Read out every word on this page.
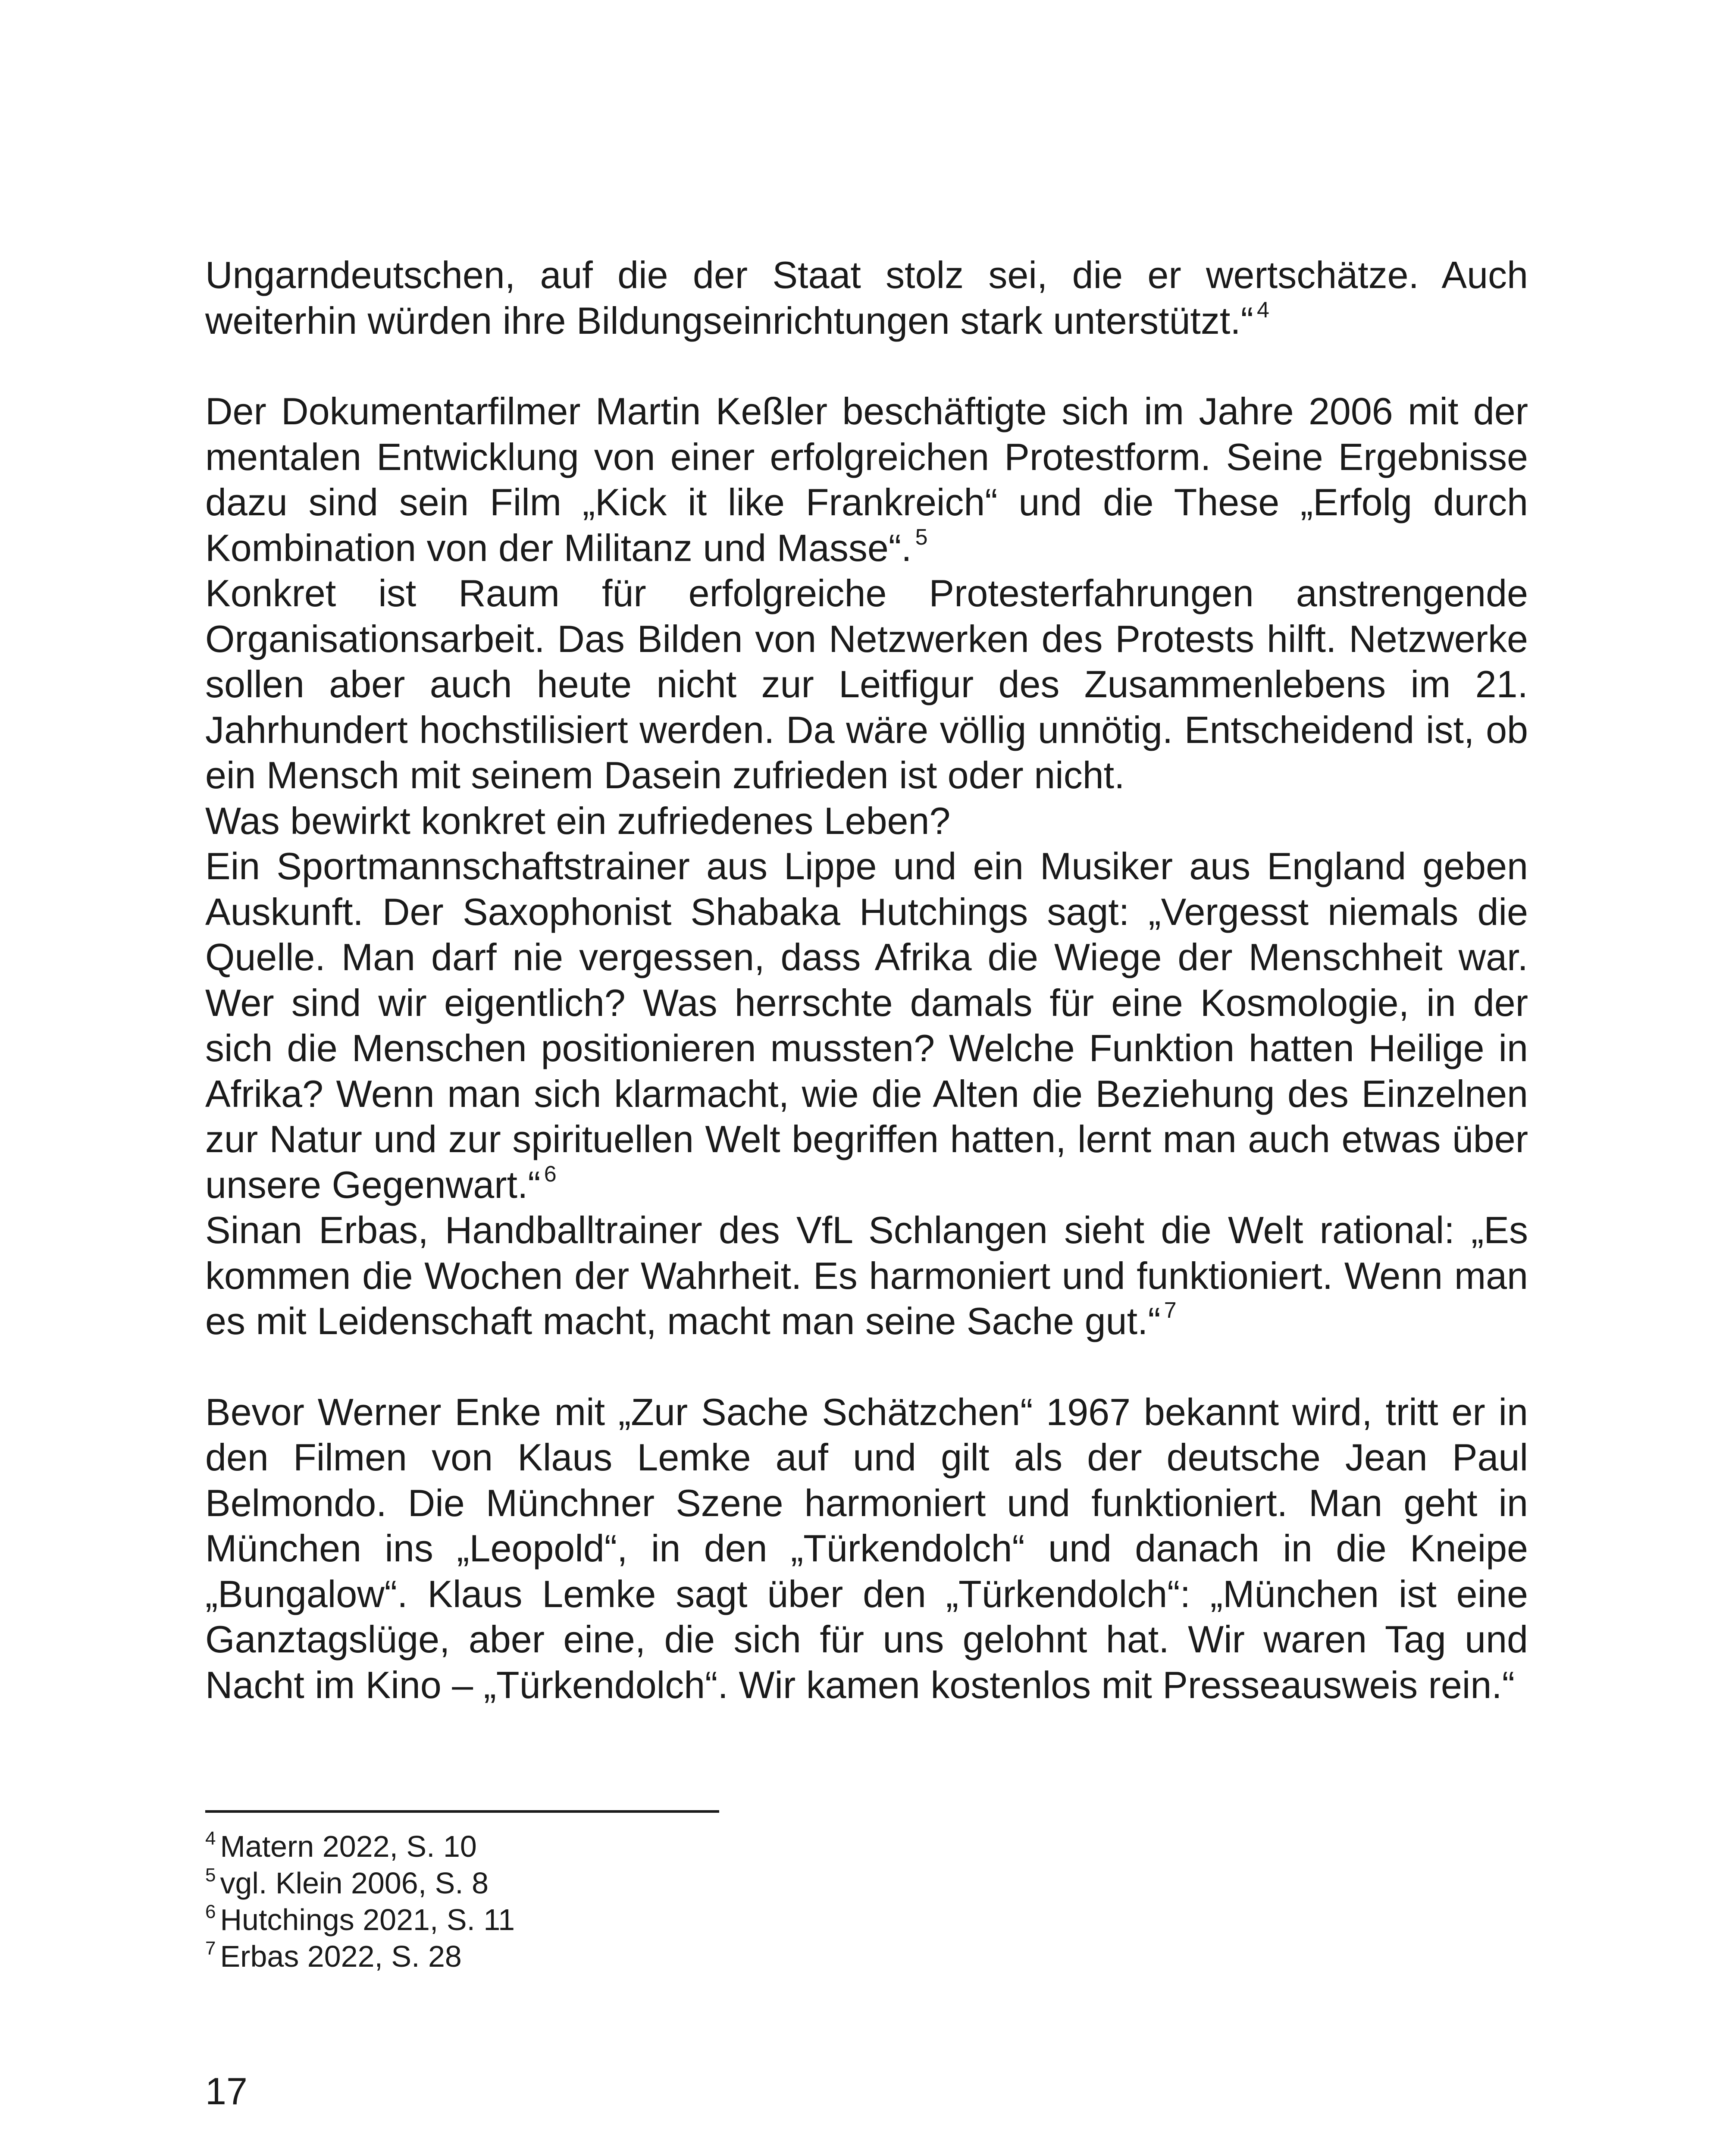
Ungarndeutschen, auf die der Staat stolz sei, die er wertschätze. Auch weiterhin würden ihre Bildungseinrichtungen stark unterstützt.“ $^4$

Der Dokumentarfilmer Martin Keßler beschäftigte sich im Jahre 2006 mit der mentalen Entwicklung von einer erfolgreichen Protestform. Seine Ergebnisse dazu sind sein Film „Kick it like Frankreich“ und die These „Erfolg durch Kombination von der Militanz und Masse“. $^5$

Konkret ist Raum für erfolgreiche Protesterfahrungen anstrengende Organisationsarbeit. Das Bilden von Netzwerken des Protests hilft. Netzwerke sollen aber auch heute nicht zur Leitfigur des Zusammenlebens im 21. Jahrhundert hochstilisiert werden. Da wäre völlig unnötig. Entscheidend ist, ob ein Mensch mit seinem Dasein zufrieden ist oder nicht.

Was bewirkt konkret ein zufriedenes Leben?

Ein Sportmannschaftstrainer aus Lippe und ein Musiker aus England geben Auskunft. Der Saxophonist Shabaka Hutchings sagt: „Vergesst niemals die Quelle. Man darf nie vergessen, dass Afrika die Wiege der Menschheit war. Wer sind wir eigentlich? Was herrschte damals für eine Kosmologie, in der sich die Menschen positionieren mussten? Welche Funktion hatten Heilige in Afrika? Wenn man sich klarmacht, wie die Alten die Beziehung des Einzelnen zur Natur und zur spirituellen Welt begriffen hatten, lernt man auch etwas über unsere Gegenwart.“ $^6$

Sinan Erbas, Handballtrainer des VfL Schlangen sieht die Welt rational: „Es kommen die Wochen der Wahrheit. Es harmoniert und funktioniert. Wenn man es mit Leidenschaft macht, macht man seine Sache gut.“ $^7$

Bevor Werner Enke mit „Zur Sache Schätzchen“ 1967 bekannt wird, tritt er in den Filmen von Klaus Lemke auf und gilt als der deutsche Jean Paul Belmondo. Die Münchner Szene harmoniert und funktioniert. Man geht in München ins „Leopold“, in den „Türkendolch“ und danach in die Kneipe „Bungalow“. Klaus Lemke sagt über den „Türkendolch“: „München ist eine Ganztagslüge, aber eine, die sich für uns gelohnt hat. Wir waren Tag und Nacht im Kino – „Türkendolch“. Wir kamen kostenlos mit Presseausweis rein.“

$^4$ Matern 2022, S. 10

$^5$ vgl. Klein 2006, S. 8

$^6$ Hutchings 2021, S. 11

$^7$ Erbas 2022, S. 28

17
